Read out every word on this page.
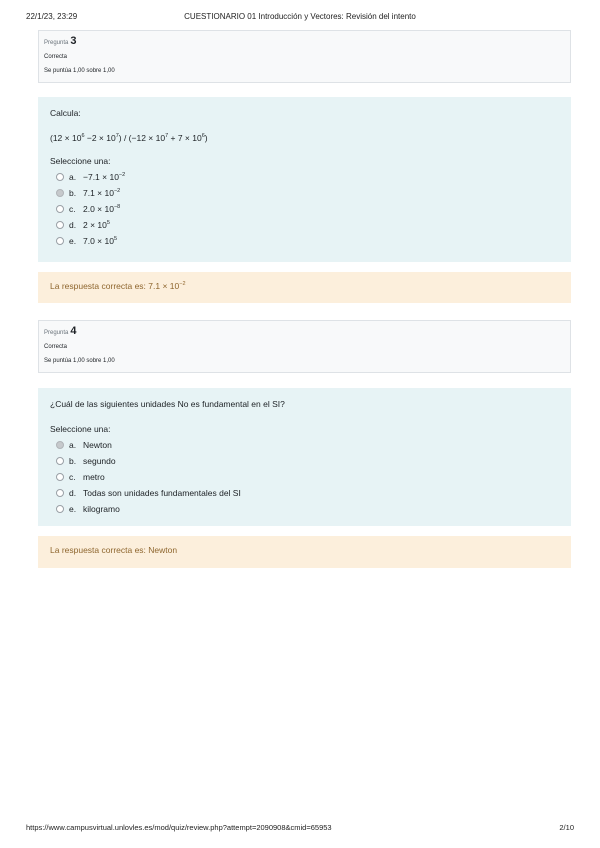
22/1/23, 23:29	CUESTIONARIO 01 Introducción y Vectores: Revisión del intento
Pregunta 3
Correcta
Se puntúa 1,00 sobre 1,00
Calcula:
$(12 \times 10^6 -2 \times 10^7) / (-12 \times 10^7 + 7 \times 10^6)$
Seleccione una:
a. $-7.1 \times 10^{-2}$
b. $7.1 \times 10^{-2}$
c. $2.0 \times 10^{-8}$
d. $2 \times 10^5$
e. $7.0 \times 10^5$
La respuesta correcta es: $7.1 \times 10^{-2}$
Pregunta 4
Correcta
Se puntúa 1,00 sobre 1,00
¿Cuál de las siguientes unidades No es fundamental en el SI?
Seleccione una:
a. Newton
b. segundo
c. metro
d. Todas son unidades fundamentales del SI
e. kilogramo
La respuesta correcta es: Newton
https://www.campusvirtual.unlovles.es/mod/quiz/review.php?attempt=2090908&cmid=65953	2/10
